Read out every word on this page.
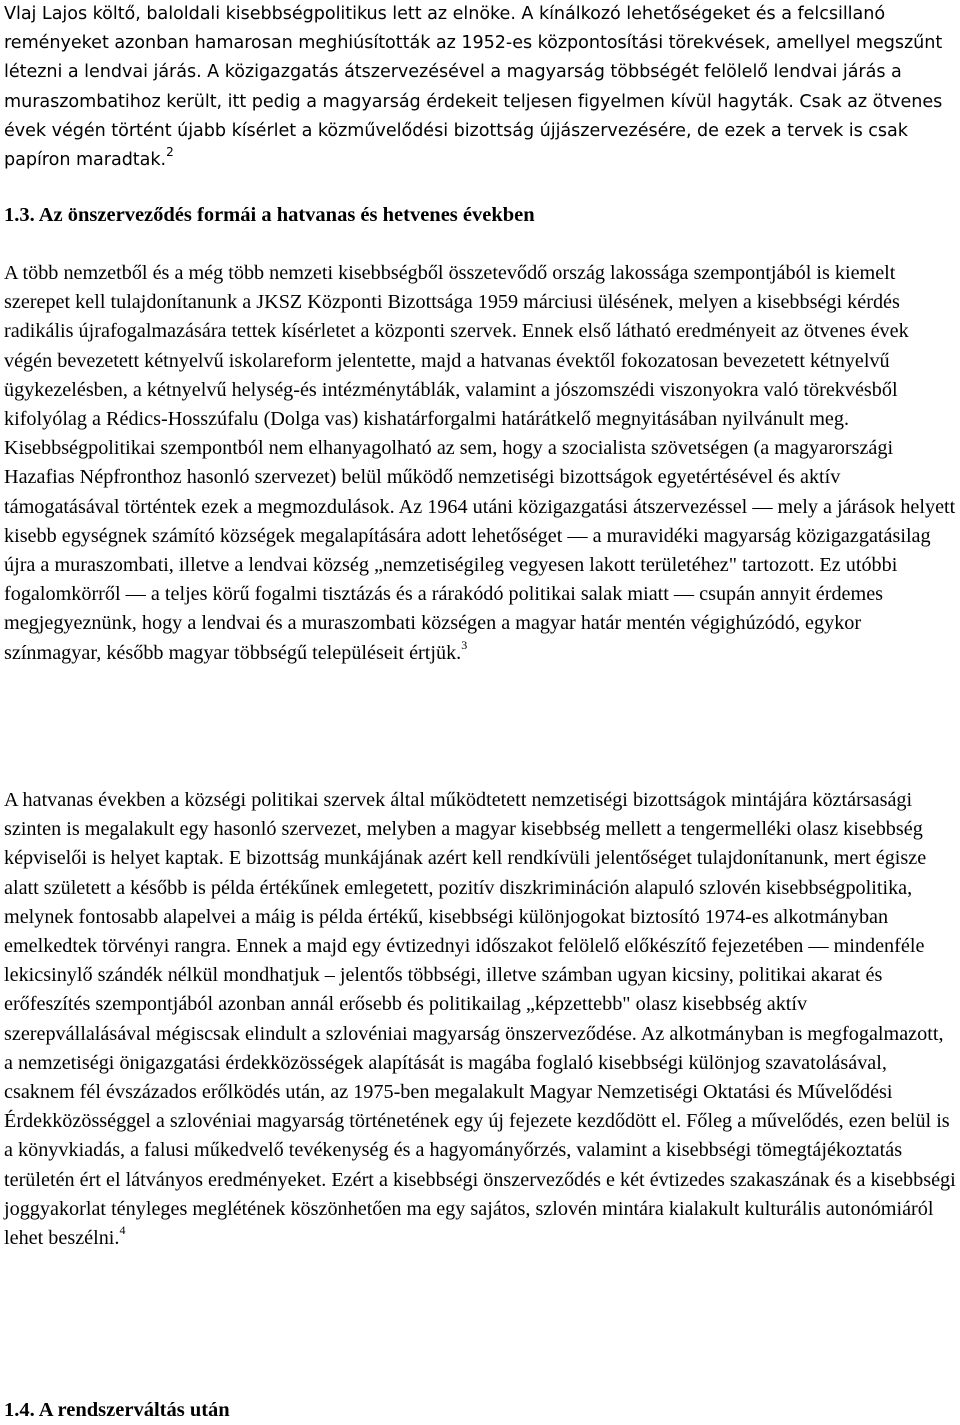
Vlaj Lajos költő, baloldali kisebbségpolitikus lett az elnöke. A kínálkozó lehetőségeket és a felcsillanó reményeket azonban hamarosan meghiúsították az 1952-es központosítási törekvések, amellyel megszűnt létezni a lendvai járás. A közigazgatás átszervezésével a magyarság többségét felölelő lendvai járás a muraszombatihoz került, itt pedig a magyarság érdekeit teljesen figyelmen kívül hagyták. Csak az ötvenes évek végén történt újabb kísérlet a közművelődési bizottság újjászervezésére, de ezek a tervek is csak papíron maradtak.$^2$

1.3. Az önszerveződés formái a hatvanas és hetvenes években

A több nemzetből és a még több nemzeti kisebbségből összetevődő ország lakossága szempontjából is kiemelt szerepet kell tulajdonítanunk a JKSZ Központi Bizottsága 1959 márciusi ülésének, melyen a kisebbségi kérdés radikális újrafogalmazására tettek kísérletet a központi szervek. Ennek első látható eredményeit az ötvenes évek végén bevezetett kétnyelvű iskolareform jelentette, majd a hatvanas évektől fokozatosan bevezetett kétnyelvű ügykezelésben, a kétnyelvű helység-és intézménytáblák, valamint a jószomszédi viszonyokra való törekvésből kifolyólag a Rédics-Hosszúfalu (Dolga vas) kishatárforgalmi határátkelő megnyitásában nyilvánult meg. Kisebbségpolitikai szempontból nem elhanyagolható az sem, hogy a szocialista szövetségen (a magyarországi Hazafias Népfronthoz hasonló szervezet) belül működő nemzetiségi bizottságok egyetértésével és aktív támogatásával történtek ezek a megmozdulások. Az 1964 utáni közigazgatási átszervezéssel — mely a járások helyett kisebb egységnek számító községek megalapítására adott lehetőséget — a muravidéki magyarság közigazgatásilag újra a muraszombati, illetve a lendvai község „nemzetiségileg vegyesen lakott területéhez" tartozott. Ez utóbbi fogalomkörről — a teljes körű fogalmi tisztázás és a rárakódó politikai salak miatt — csupán annyit érdemes megjegyeznünk, hogy a lendvai és a muraszombati községen a magyar határ mentén végighúzódó, egykor színmagyar, később magyar többségű településeit értjük.$^3$

A hatvanas években a községi politikai szervek által működtetett nemzetiségi bizottságok mintájára köztársasági szinten is megalakult egy hasonló szervezet, melyben a magyar kisebbség mellett a tengermelléki olasz kisebbség képviselői is helyet kaptak. E bizottság munkájának azért kell rendkívüli jelentőséget tulajdonítanunk, mert égisze alatt született a később is példa értékűnek emlegetett, pozitív diszkrimináción alapuló szlovén kisebbségpolitika, melynek fontosabb alapelvei a máig is példa értékű, kisebbségi különjogokat biztosító 1974-es alkotmányban emelkedtek törvényi rangra. Ennek a majd egy évtizednyi időszakot felölelő előkészítő fejezetében — mindenféle lekicsinylő szándék nélkül mondhatjuk – jelentős többségi, illetve számban ugyan kicsiny, politikai akarat és erőfeszítés szempontjából azonban annál erősebb és politikailag „képzettebb" olasz kisebbség aktív szerepvállalásával mégiscsak elindult a szlovéniai magyarság önszerveződése. Az alkotmányban is megfogalmazott, a nemzetiségi önigazgatási érdekközösségek alapítását is magába foglaló kisebbségi különjog szavatolásával, csaknem fél évszázados erőlködés után, az 1975-ben megalakult Magyar Nemzetiségi Oktatási és Művelődési Érdekközösséggel a szlovéniai magyarság történetének egy új fejezete kezdődött el. Főleg a művelődés, ezen belül is a könyvkiadás, a falusi műkedvelő tevékenység és a hagyományőrzés, valamint a kisebbségi tömegtájékoztatás területén ért el látványos eredményeket. Ezért a kisebbségi önszerveződés e két évtizedes szakaszának és a kisebbségi joggyakorlat tényleges meglétének köszönhetően ma egy sajátos, szlovén mintára kialakult kulturális autonómiáról lehet beszélni.$^4$

1.4. A rendszerváltás után
